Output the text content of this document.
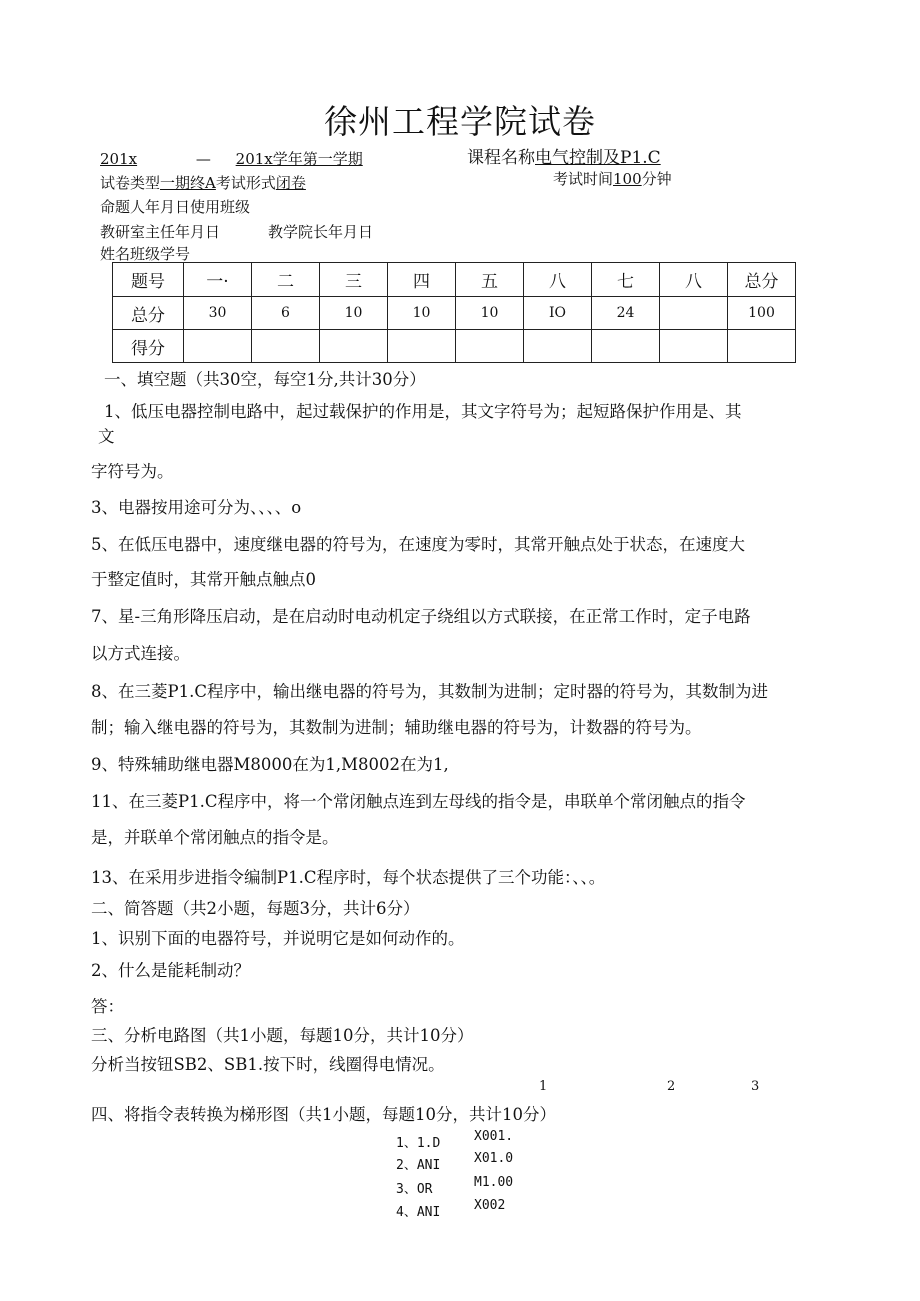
徐州工程学院试卷
201x	— 201x学年第一学期	课程名称电气控制及P1.C
试卷类型一期终A考试形式闭卷	考试时间100分钟
命题人年月日使用班级
教研室主任年月日	教学院长年月日
姓名班级学号
题号	一·	二	三	四	五	八	七	八	总分
总分	30	6	10	10	10	IO	24		100
得分									
一、填空题（共30空，每空1分,共计30分）
1、低压电器控制电路中，起过载保护的作用是，其文字符号为；起短路保护作用是、其
文
字符号为。
3、电器按用途可分为、、、、o
5、在低压电器中，速度继电器的符号为，在速度为零时，其常开触点处于状态，在速度大
于整定值时，其常开触点触点0
7、星-三角形降压启动，是在启动时电动机定子绕组以方式联接，在正常工作时，定子电路
以方式连接。
8、在三菱P1.C程序中，输出继电器的符号为，其数制为进制；定时器的符号为，其数制为进
制；输入继电器的符号为，其数制为进制；辅助继电器的符号为，计数器的符号为。
9、特殊辅助继电器M8000在为1,M8002在为1,
11、在三菱P1.C程序中，将一个常闭触点连到左母线的指令是，串联单个常闭触点的指令
是，并联单个常闭触点的指令是。
13、在采用步进指令编制P1.C程序时，每个状态提供了三个功能：、、。
二、简答题（共2小题，每题3分，共计6分）
1、识别下面的电器符号，并说明它是如何动作的。
2、什么是能耗制动？
答：
三、分析电路图（共1小题，每题10分，共计10分）
分析当按钮SB2、SB1.按下时，线圈得电情况。
1	2	3
四、将指令表转换为梯形图（共1小题，每题10分，共计10分）
1、1.D	X001.
2、ANI	X01.0
3、OR	M1.00
4、ANI	X002
